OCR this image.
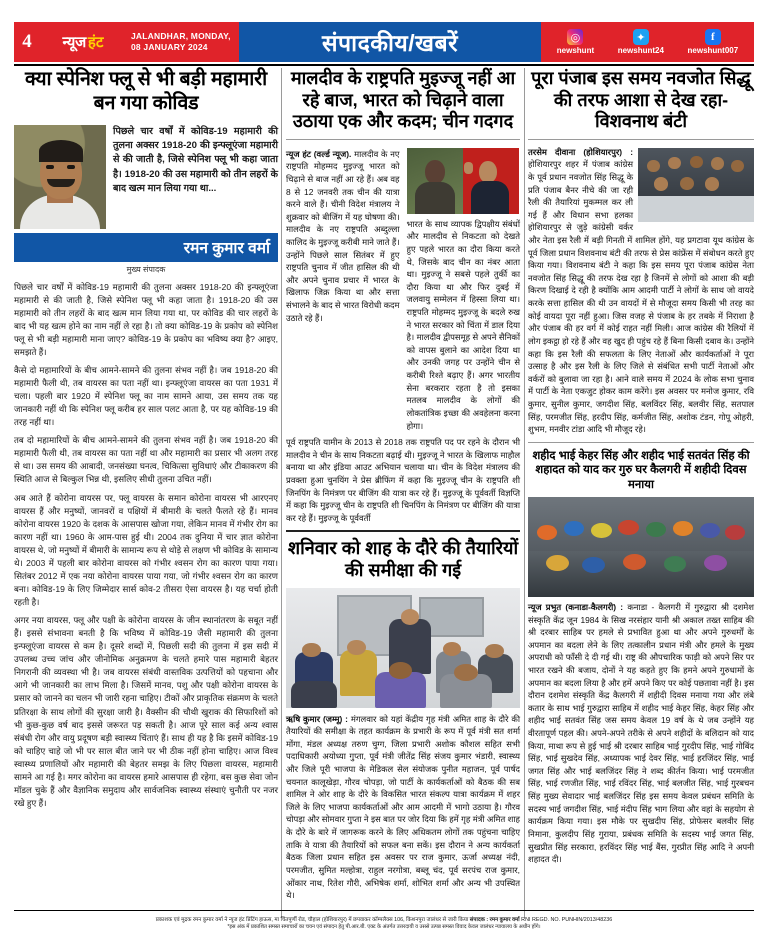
4	न्यूज हंट	JALANDHAR, MONDAY,
08 JANUARY 2024	संपादकीय/खबरें	◎
newshunt
✦
newshunt24
f
newshunt007
क्या स्पेनिश फ्लू से भी बड़ी महामारी बन गया कोविड
पिछले चार वर्षों में कोविड-19 महामारी की तुलना अक्सर 1918-20 की इन्फ्लूएंजा महामारी से की जाती है, जिसे स्पेनिश फ्लू भी कहा जाता है। 1918-20 की उस महामारी को तीन लहरों के बाद खत्म मान लिया गया था...
रमन कुमार वर्मा
मुख्य संपादक

पिछले चार वर्षों में कोविड-19 महामारी की तुलना अक्सर 1918-20 की इन्फ्लूएंजा महामारी से की जाती है, जिसे स्पेनिश फ्लू भी कहा जाता है। 1918-20 की उस महामारी को तीन लहरों के बाद खत्म मान लिया गया था, पर कोविड की चार लहरों के बाद भी यह खत्म होने का नाम नहीं ले रहा है। तो क्या कोविड-19 के प्रकोप को स्पेनिश फ्लू से भी बड़ी महामारी माना जाए? कोविड-19 के प्रकोप का भविष्य क्या है? आइए, समझते हैं।

कैसे दो महामारियों के बीच आमने-सामने की तुलना संभव नहीं है। जब 1918-20 की महामारी फैली थी, तब वायरस का पता नहीं था। इन्फ्लूएंजा वायरस का पता 1931 में चला। पहली बार 1920 में स्पेनिश फ्लू का नाम सामने आया, उस समय तक यह जानकारी नहीं थी कि स्पेनिश फ्लू करीब हर साल पलट आता है, पर यह कोविड-19 की तरह नहीं था।

तब दो महामारियों के बीच आमने-सामने की तुलना संभव नहीं है। जब 1918-20 की महामारी फैली थी, तब वायरस का पता नहीं था और महामारी का प्रसार भी अलग तरह से था। उस समय की आबादी, जनसंख्या घनत्व, चिकित्सा सुविधाएं और टीकाकरण की स्थिति आज से बिल्कुल भिन्न थी, इसलिए सीधी तुलना उचित नहीं।

अब आते हैं कोरोना वायरस पर, फ्लू वायरस के समान कोरोना वायरस भी आरएनए वायरस हैं और मनुष्यों, जानवरों व पक्षियों में बीमारी के चलते फैलते रहे हैं। मानव कोरोना वायरस 1920 के दशक के आसपास खोजा गया, लेकिन मानव में गंभीर रोग का कारण नहीं था। 1960 के आम-पास हुई थी। 2004 तक दुनिया में चार ज्ञात कोरोना वायरस थे, जो मनुष्यों में बीमारी के सामान्य रूप से थोड़े से लक्षण भी कोविड के सामान्य थे। 2003 में पहली बार कोरोना वायरस को गंभीर श्वसन रोग का कारण पाया गया। सितंबर 2012 में एक नया कोरोना वायरस पाया गया, जो गंभीर श्वसन रोग का कारण बना। कोविड-19 के लिए जिम्मेदार सार्स कोव-2 तीसरा ऐसा वायरस है। यह चर्चा होती रहती है।

अगर नया वायरस, फ्लू और पक्षी के कोरोना वायरस के जीन स्थानांतरण के सबूत नहीं हैं। इससे संभावना बनती है कि भविष्य में कोविड-19 जैसी महामारी की तुलना इन्फ्लूएंजा वायरस से कम है। दूसरे शब्दों में, पिछली सदी की तुलना में इस सदी में उपलब्ध उच्च जांच और जीनोमिक अनुक्रमण के चलते हमारे पास महामारी बेहतर निगरानी की व्यवस्था भी है। जब वायरस संबंधी वास्तविक उत्पत्तियों को पहचाना और आगे भी जानकारी का लाभ मिला है। जिसमें मानव, पशु और पक्षी कोरोना वायरस के प्रसार को जानने का चलन भी जारी रहना चाहिए। टीकों और प्राकृतिक संक्रमण के चलते प्रतिरक्षा के साथ लोगों की सुरक्षा जारी है। वैक्सीन की चौथी खुराक की सिफारिशों को भी कुछ-कुछ वर्ष बाद इससे जरूरत पड़ सकती है। आज पूरे साल कई अन्य श्वास संबंधी रोग और वायु प्रदूषण बड़ी स्वास्थ्य चिंताएं हैं। साथ ही यह है कि इसमें कोविड-19 को चाहिए चाहे जो भी पर साल बीत जाने पर भी ठीक नहीं होना चाहिए। आज विश्व स्वास्थ्य प्रणालियों और महामारी की बेहतर समझ के लिए पिछला वायरस, महामारी सामने आ गई है। मगर कोरोना का वायरस हमारे आसपास ही रहेगा, बस कुछ सेवा जोन मॉडल चुके हैं और वैज्ञानिक समुदाय और सार्वजनिक स्वास्थ्य संस्थाएं चुनौती पर नजर रखे हुए हैं।

मालदीव के राष्ट्रपति मुइज्जू नहीं आ रहे बाज, भारत को चिढ़ाने वाला उठाया एक और कदम; चीन गदगद
न्यूज हंट (वर्ल्ड न्यूज). मालदीव के नए राष्ट्रपति मोहम्मद मुइज्जू भारत को चिढ़ाने से बाज नहीं आ रहे हैं। अब वह 8 से 12 जनवरी तक चीन की यात्रा करने वाले हैं। चीनी विदेश मंत्रालय ने शुक्रवार को बीजिंग में यह घोषणा की। मालदीव के नए राष्ट्रपति अब्दुल्ला कालिद के मुइज्जू करीबी माने जाते हैं। उन्होंने पिछले साल सितंबर में हुए राष्ट्रपति चुनाव में जीत हासिल की थी और अपने चुनाव प्रचार में भारत के खिलाफ जिक्र किया था और सत्ता संभालने के बाद से भारत विरोधी कदम उठाते रहे हैं।
भारत के साथ व्यापक द्विपक्षीय संबंधों और मालदीव से निकटता को देखते हुए पहले भारत का दौरा किया करते थे, जिसके बाद चीन का नंबर आता था। मुइज्जू ने सबसे पहले तुर्की का दौरा किया था और फिर दुबई में जलवायु सम्मेलन में हिस्सा लिया था। राष्ट्रपति मोहम्मद मुइज्जू के बदले रुख ने भारत सरकार को चिंता में डाल दिया है। मालदीव द्वीपसमूह से अपने सैनिकों को वापस बुलाने का आदेश दिया था और उनकी जगह पर उन्होंने चीन से करीबी रिश्ते बढ़ाए हैं। अगर भारतीय सेना बरकरार रहता है तो इसका मतलब मालदीव के लोगों की लोकतांत्रिक इच्छा की अवहेलना करना होगा।
पूर्व राष्ट्रपति यामीन के 2013 से 2018 तक राष्ट्रपति पद पर रहने के दौरान भी मालदीव ने चीन के साथ निकटता बढ़ाई थी। मुइज्जू ने भारत के खिलाफ माहौल बनाया था और इंडिया आउट अभियान चलाया था। चीन के विदेश मंत्रालय की प्रवक्ता हुआ चुनयिंग ने प्रेस ब्रीफिंग में कहा कि मुइज्जू चीन के राष्ट्रपति शी जिनपिंग के निमंत्रण पर बीजिंग की यात्रा कर रहे हैं। मुइज्जू के पूर्ववर्ती विज्ञप्ति में कहा कि मुइज्जू चीन के राष्ट्रपति शी चिनपिंग के निमंत्रण पर बीजिंग की यात्रा कर रहे हैं। मुइज्जू के पूर्ववर्ती
शनिवार को शाह के दौरे की तैयारियों की समीक्षा की गई
ऋषि कुमार (जम्मू) : मंगलवार को यहां केंद्रीय गृह मंत्री अमित शाह के दौरे की तैयारियों की समीक्षा के तहत कार्यक्रम के प्रभारी के रूप में पूर्व मंत्री सत शर्मा मोंगा, मंडल अध्यक्ष तरुण चुग्ग, जिला प्रभारी अशोक कौशल सहित सभी पदाधिकारी अयोध्या गुप्ता, पूर्व मंत्री जीतेंद्र सिंह संजय कुमार भंडारी, स्वास्थ्य और जिले पूरी भाजपा के मेडिकल सेल संयोजक पुनीत महाजन, पूर्व पार्षद चयनात कालूखेड़ा, गौरव चोपड़ा, जो पार्टी के कार्यकर्ताओं को बैठक की सब शामिल ने ओर शाह के दौरे के विकसित भारत संकल्प यात्रा कार्यक्रम में शहर जिले के लिए भाजपा कार्यकर्ताओं और आम आदमी में भागो उठाया है। गौरव चोपड़ा और सोमवार गुप्ता ने इस बात पर जोर दिया कि हमें गृह मंत्री अमित शाह के दौरे के बारे में जागरूक करने के लिए अधिकतम लोगों तक पहुंचना चाहिए ताकि वे यात्रा की तैयारियों को सफल बना सकें। इस दौरान ने अन्य कार्यकर्ता बैठक जिला प्रधान सहित इस अवसर पर राज कुमार, ऊर्जा अध्यक्ष नंदी, परमजीत, सुमित मल्होत्रा, राहुल नरगोत्रा, बब्लू चंद, पूर्व सरपंच राज कुमार, ओंकार नाथ, रितेश गौरी, अभिषेक शर्मा, शोभित शर्मा और अन्य भी उपस्थित थे।
पूरा पंजाब इस समय नवजोत सिद्धू की तरफ आशा से देख रहा- विशवनाथ बंटी
तरसेम दीवाना (होशियारपुर) : होशियारपुर शहर में पंजाब कांग्रेस के पूर्व प्रधान नवजोत सिंह सिद्धू के प्रति पंजाब बैनर नीचे की जा रही रैली की तैयारियां मुकम्मल कर ली गई हैं और विधान सभा हलका होशियारपुर से जुड़े कांग्रेसी वर्कर और नेता इस रैली में बड़ी गिनती में शामिल होंगे, यह प्रगटावा यूथ कांग्रेस के पूर्व जिला प्रधान विशवनाथ बंटी की तरफ से प्रेस कांफ्रेंस में संबोधन करते हुए किया गया। विशवनाथ बंटी ने कहा कि इस समय पूरा पंजाब कांग्रेस नेता नवजोत सिंह सिद्धू की तरफ देख रहा है जिनमें से लोगों को आशा की बड़ी किरण दिखाई दे रही है क्योंकि आम आदमी पार्टी ने लोगों के साथ जो वायदे करके सत्ता हासिल की थी उन वायदों में से मौजूदा समय किसी भी तरह का कोई वायदा पूरा नहीं हुआ। जिस वजह से पंजाब के हर तबके में निराशा है और पंजाब की हर वर्ग में कोई राहत नहीं मिली। आज कांग्रेस की रैलियों में लोग इकट्ठा हो रहे हैं और वह खुद ही पहुंच रहे हैं बिना किसी दबाव के। उन्होंने कहा कि इस रैली की सफलता के लिए नेताओं और कार्यकर्ताओं ने पूरा उत्साह है और इस रैली के लिए जिले से संबंधित सभी पार्टी नेताओं और वर्करों को बुलावा जा रहा है। आने वाले समय में 2024 के लोक सभा चुनाव में पार्टी के नेता एकजुट होकर काम करेंगे। इस अवसर पर मनोज कुमार, रवि कुमार, सुनील कुमार, जगदीश सिंह, बलविंदर सिंह, बलवीर सिंह, सतपाल सिंह, परमजीत सिंह, हरदीप सिंह, कर्मजीत सिंह, अशोक टंडन, गोपू ओहरी, शुभम, मनवीर टांडा आदि भी मौजूद रहे।
शहीद भाई केहर सिंह और शहीद भाई सतवंत सिंह की शहादत को याद कर गुरु घर कैलगरी में शहीदी दिवस मनाया
न्यूज प्रभुत (कनाडा-कैलगरी) : कनाडा - कैलगरी में गुरुद्वारा श्री दशमेश संस्कृति केंद्र जून 1984 के सिख नरसंहार यानी श्री अकाल तख्त साहिब की श्री दरबार साहिब पर हमले से प्रभावित हुआ था और अपने गुरुधर्मों के अपमान का बदला लेने के लिए तत्कालीन प्रधान मंत्री और हमले के मुख्य अपराधी को फाँसी दे दी गई थी। राष्ट्र की औपचारिक फाड़ी को अपने सिर पर भारत रखने की बजाय, दोनों ने यह कहते हुए कि हमने अपने गुरुधामों के अपमान का बदला लिया है और हमें अपने किए पर कोई पछतावा नहीं है। इस दौरान दशमेश संस्कृति केंद्र कैलगरी में शहीदी दिवस मनाया गया और लंबे कतार के साथ भाई गुरुद्वारा साहिब में शहीद भाई केहर सिंह, केहर सिंह और शहीद भाई सतवंत सिंह जस समय केवल 19 वर्ष के थे जब उन्होंने यह वीरतापूर्ण पहल की। अपने-अपने तरीके से अपने शहीदों के बलिदान को याद किया, माथा रूप से हुई भाई श्री दरबार साहिब भाई गुरदीप सिंह, भाई गोबिंद सिंह, भाई सुखदेव सिंह, अध्यापक भाई देवर सिंह, भाई हरजिंदर सिंह, भाई जगत सिंह और भाई बलजिंदर सिंह ने शब्द कीर्तन किया। भाई परमजीत सिंह, भाई रणजीत सिंह, भाई रविंदर सिंह, भाई बलजीत सिंह, भाई गुरबचन सिंह मुख्य सेवादार भाई बलजिंदर सिंह इस समय केवल प्रबंधन समिति के सदस्य भाई जगदीश सिंह, भाई मंदीप सिंह भाग लिया और वहां के सहयोग से कार्यक्रम किया गया। इस मौके पर सुखदीप सिंह, प्रोफेसर बलवीर सिंह निमाना, कुलदीप सिंह गुराया, प्रबंधक समिति के सदस्य भाई जगत सिंह, सुखप्रीत सिंह सरकारा, हरविंदर सिंह भाई बैंस, गुरप्रीत सिंह आदि ने अपनी शहादत दी।
प्रकाशक एवं मुद्रक रमन कुमार वर्मा ने न्यूज हंट प्रिंटिंग हाऊस, मा चिंतपूर्णी रोड, चौहाल (होशियारपुर) में छपवाकर कॉम्पलैक्स 106, किशनपुरा जालंधर से जारी किया संपादक : रमन कुमार वर्मा RNI REGD. NO. PUNHIN/2013/48236
*इस अंक में प्रकाशित समस्त समाचारों का चयन एवं संपादन हेतु पी.आर.बी. एक्ट के अंतर्गत उत्तरदायी व उससे उत्पन्न समस्त विवाद केवल जालंधर न्यायालय के अधीन होंगे।
